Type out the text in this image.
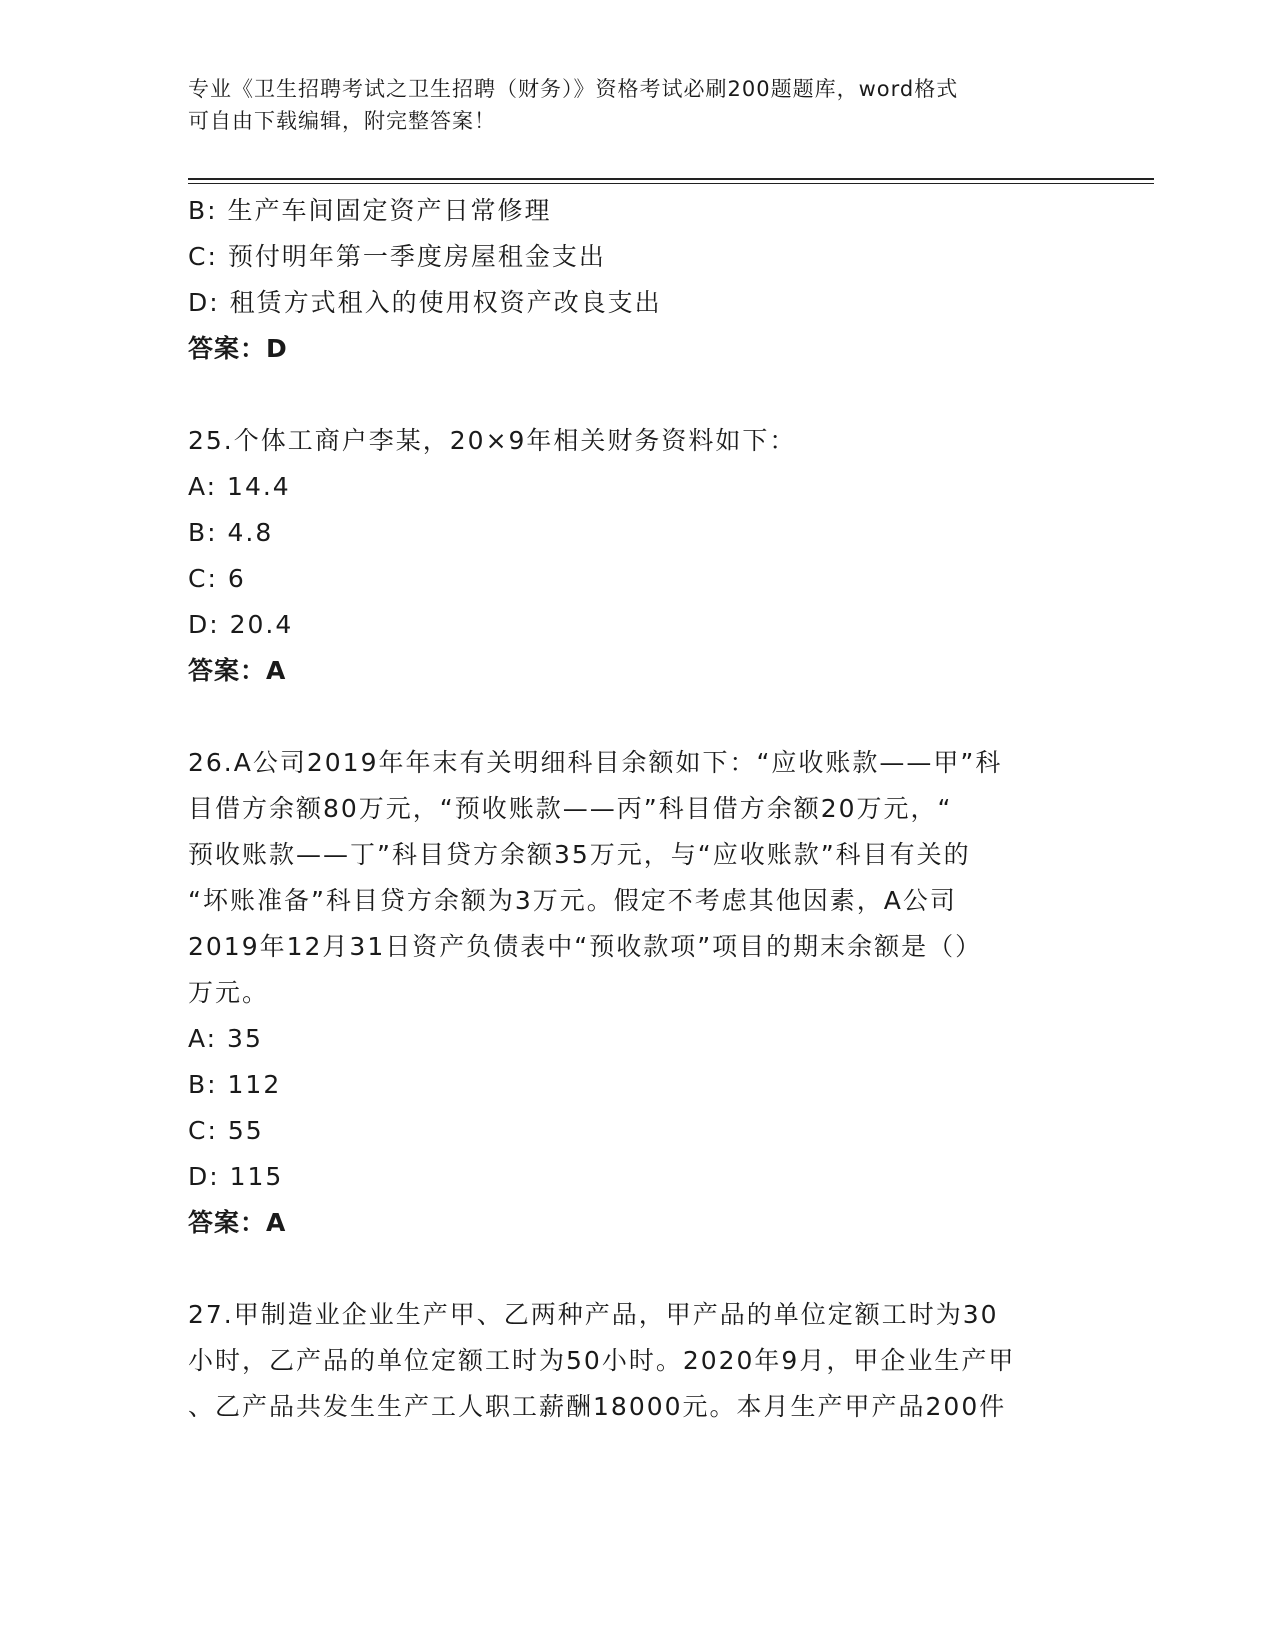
专业《卫生招聘考试之卫生招聘（财务）》资格考试必刷200题题库，word格式
可自由下载编辑，附完整答案！

B: 生产车间固定资产日常修理

C: 预付明年第一季度房屋租金支出

D: 租赁方式租入的使用权资产改良支出

答案：D

25.个体工商户李某，20×9年相关财务资料如下：

A: 14.4

B: 4.8

C: 6

D: 20.4

答案：A

26.A公司2019年年末有关明细科目余额如下：“应收账款——甲”科

目借方余额80万元，“预收账款——丙”科目借方余额20万元，“

预收账款——丁”科目贷方余额35万元，与“应收账款”科目有关的

“坏账准备”科目贷方余额为3万元。假定不考虑其他因素，A公司

2019年12月31日资产负债表中“预收款项”项目的期末余额是（）

万元。

A: 35

B: 112

C: 55

D: 115

答案：A

27.甲制造业企业生产甲、乙两种产品，甲产品的单位定额工时为30

小时，乙产品的单位定额工时为50小时。2020年9月，甲企业生产甲

、乙产品共发生生产工人职工薪酬18000元。本月生产甲产品200件
